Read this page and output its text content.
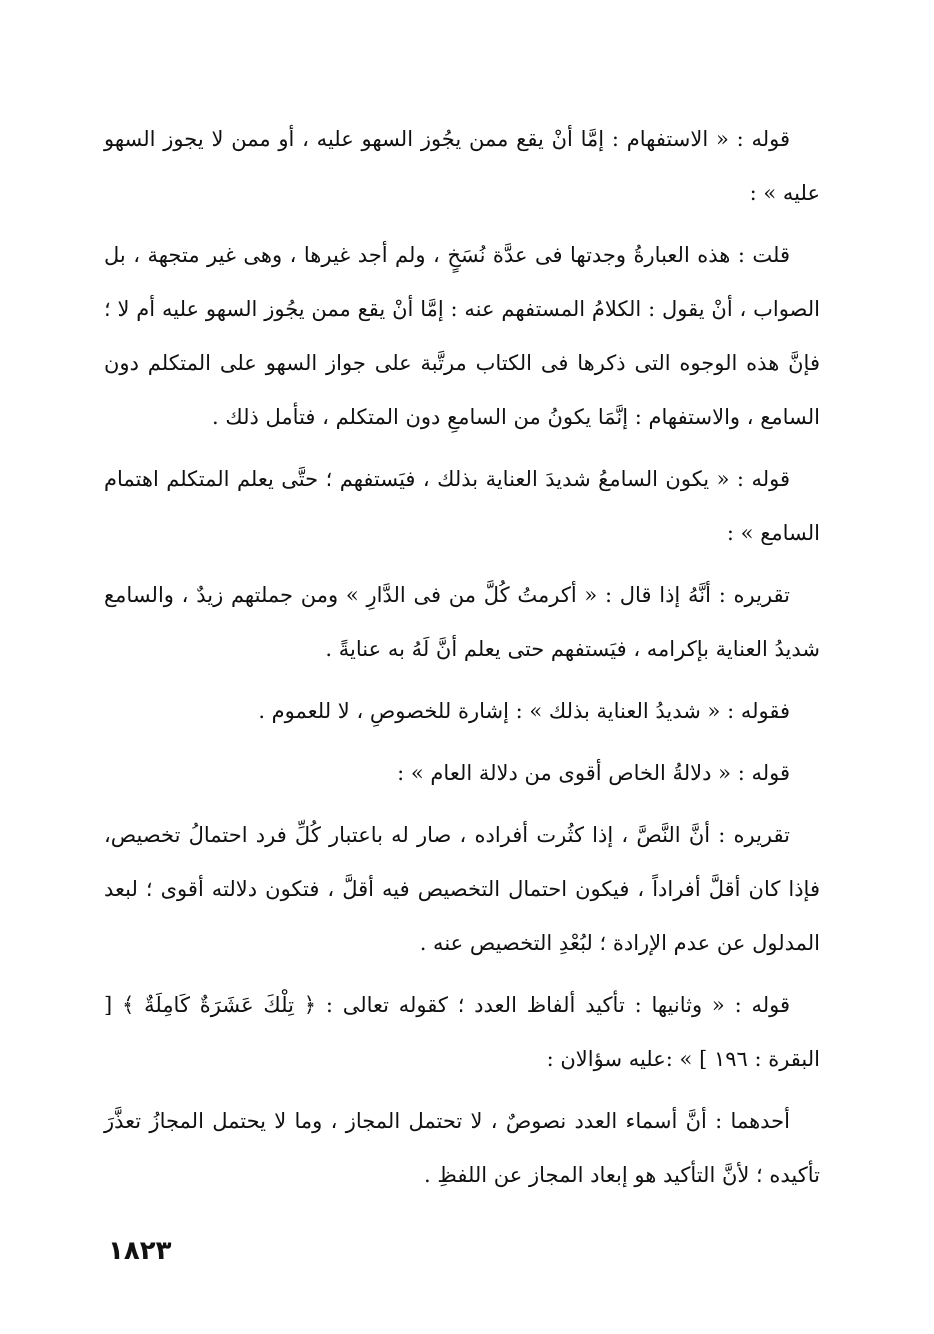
قوله : « الاستفهام : إمَّا أنْ يقع ممن يجُوز السهو عليه ، أو ممن لا يجوز السهو عليه » :

قلت : هذه العبارةُ وجدتها فى عدَّة نُسَخٍ ، ولم أجد غيرها ، وهى غير متجهة ، بل الصواب ، أنْ يقول : الكلامُ المستفهم عنه : إمَّا أنْ يقع ممن يجُوز السهو عليه أم لا ؛ فإنَّ هذه الوجوه التى ذكرها فى الكتاب مرتَّبة على جواز السهو على المتكلم دون السامع ، والاستفهام : إنَّمَا يكونُ من السامعِ دون المتكلم ، فتأمل ذلك .

قوله : « يكون السامعُ شديدَ العناية بذلك ، فيَستفهم ؛ حتَّى يعلم المتكلم اهتمام السامع » :

تقريره : أنَّهُ إذا قال : « أكرمتُ كُلَّ من فى الدَّارِ » ومن جملتهم زيدٌ ، والسامع شديدُ العناية بإكرامه ، فيَستفهم حتى يعلم أنَّ لَهُ به عنايةً .

فقوله : « شديدُ العناية بذلك » : إشارة للخصوصِ ، لا للعموم .

قوله : « دلالةُ الخاص أقوى من دلالة العام » :

تقريره : أنَّ النَّصَّ ، إذا كثُرت أفراده ، صار له باعتبار كُلِّ فرد احتمالُ تخصيص، فإذا كان أقلَّ أفراداً ، فيكون احتمال التخصيص فيه أقلَّ ، فتكون دلالته أقوى ؛ لبعد المدلول عن عدم الإرادة ؛ لبُعْدِ التخصيص عنه .

قوله : « وثانيها : تأكيد ألفاظ العدد ؛ كقوله تعالى : ﴿ تِلْكَ عَشَرَةٌ كَامِلَةٌ ﴾ [ البقرة : ١٩٦ ] » :عليه سؤالان :

أحدهما : أنَّ أسماء العدد نصوصٌ ، لا تحتمل المجاز ، وما لا يحتمل المجازُ تعذَّرَ تأكيده ؛ لأنَّ التأكيد هو إبعاد المجاز عن اللفظِ .

١٨٢٣
